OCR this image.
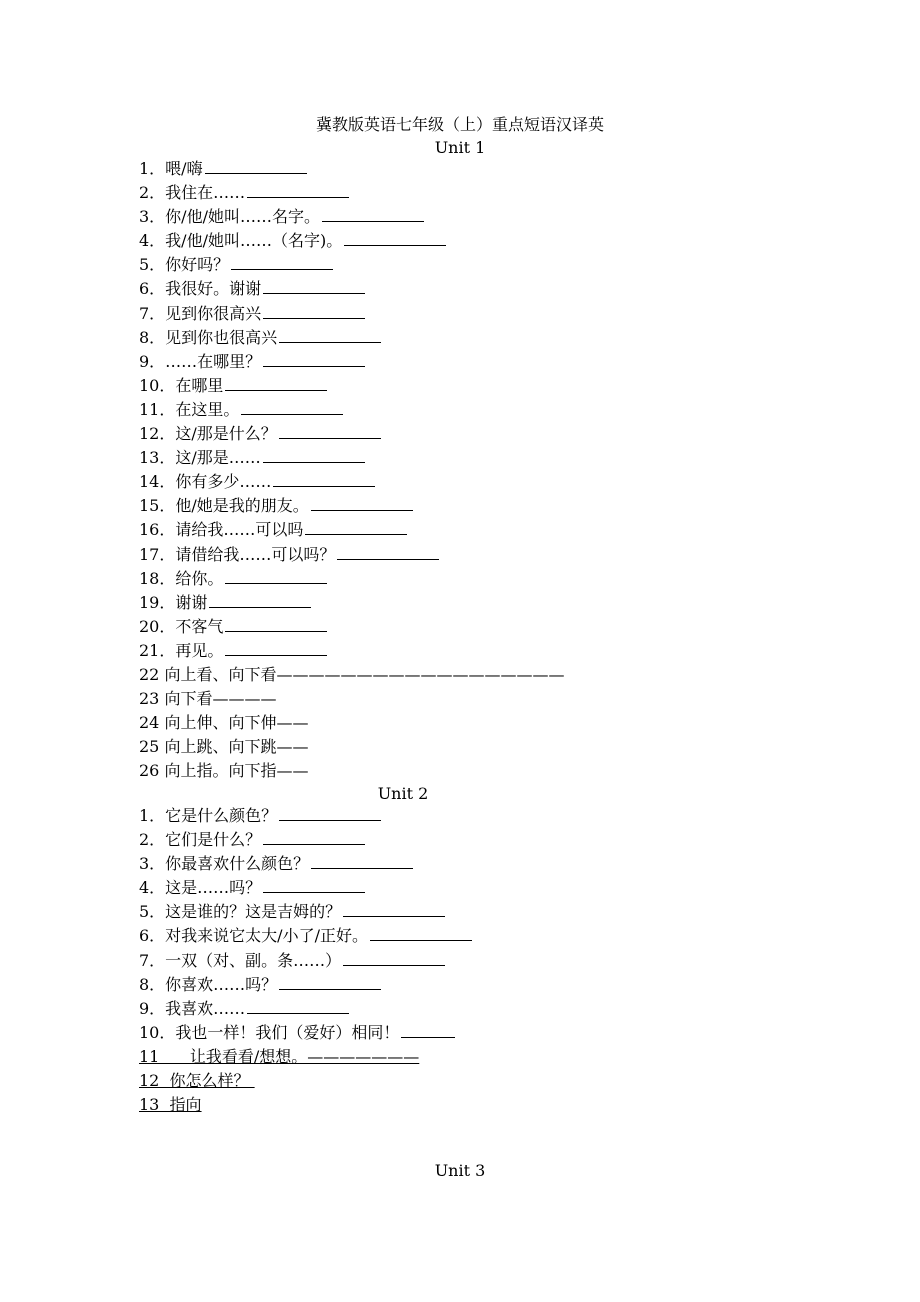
冀教版英语七年级（上）重点短语汉译英
Unit 1
1．喂/嗨
2．我住在……
3．你/他/她叫……名字。
4．我/他/她叫……（名字)。
5．你好吗？
6．我很好。谢谢
7．见到你很高兴
8．见到你也很高兴
9．……在哪里？
10．在哪里
11．在这里。
12．这/那是什么？
13．这/那是……
14．你有多少……
15．他/她是我的朋友。
16．请给我……可以吗
17．请借给我……可以吗？
18．给你。
19．谢谢
20．不客气
21．再见。
22 向上看、向下看——————————————————
23 向下看————
24 向上伸、向下伸——
25 向上跳、向下跳——
26 向上指。向下指——
Unit 2
1．它是什么颜色？
2．它们是什么？
3．你最喜欢什么颜色？
4．这是……吗？
5．这是谁的？这是吉姆的？
6．对我来说它太大/小了/正好。
7．一双（对、副。条……）
8．你喜欢……吗？
9．我喜欢……
10．我也一样！我们（爱好）相同！
11      让我看看/想想。———————
12  你怎么样？
13  指向
Unit 3
